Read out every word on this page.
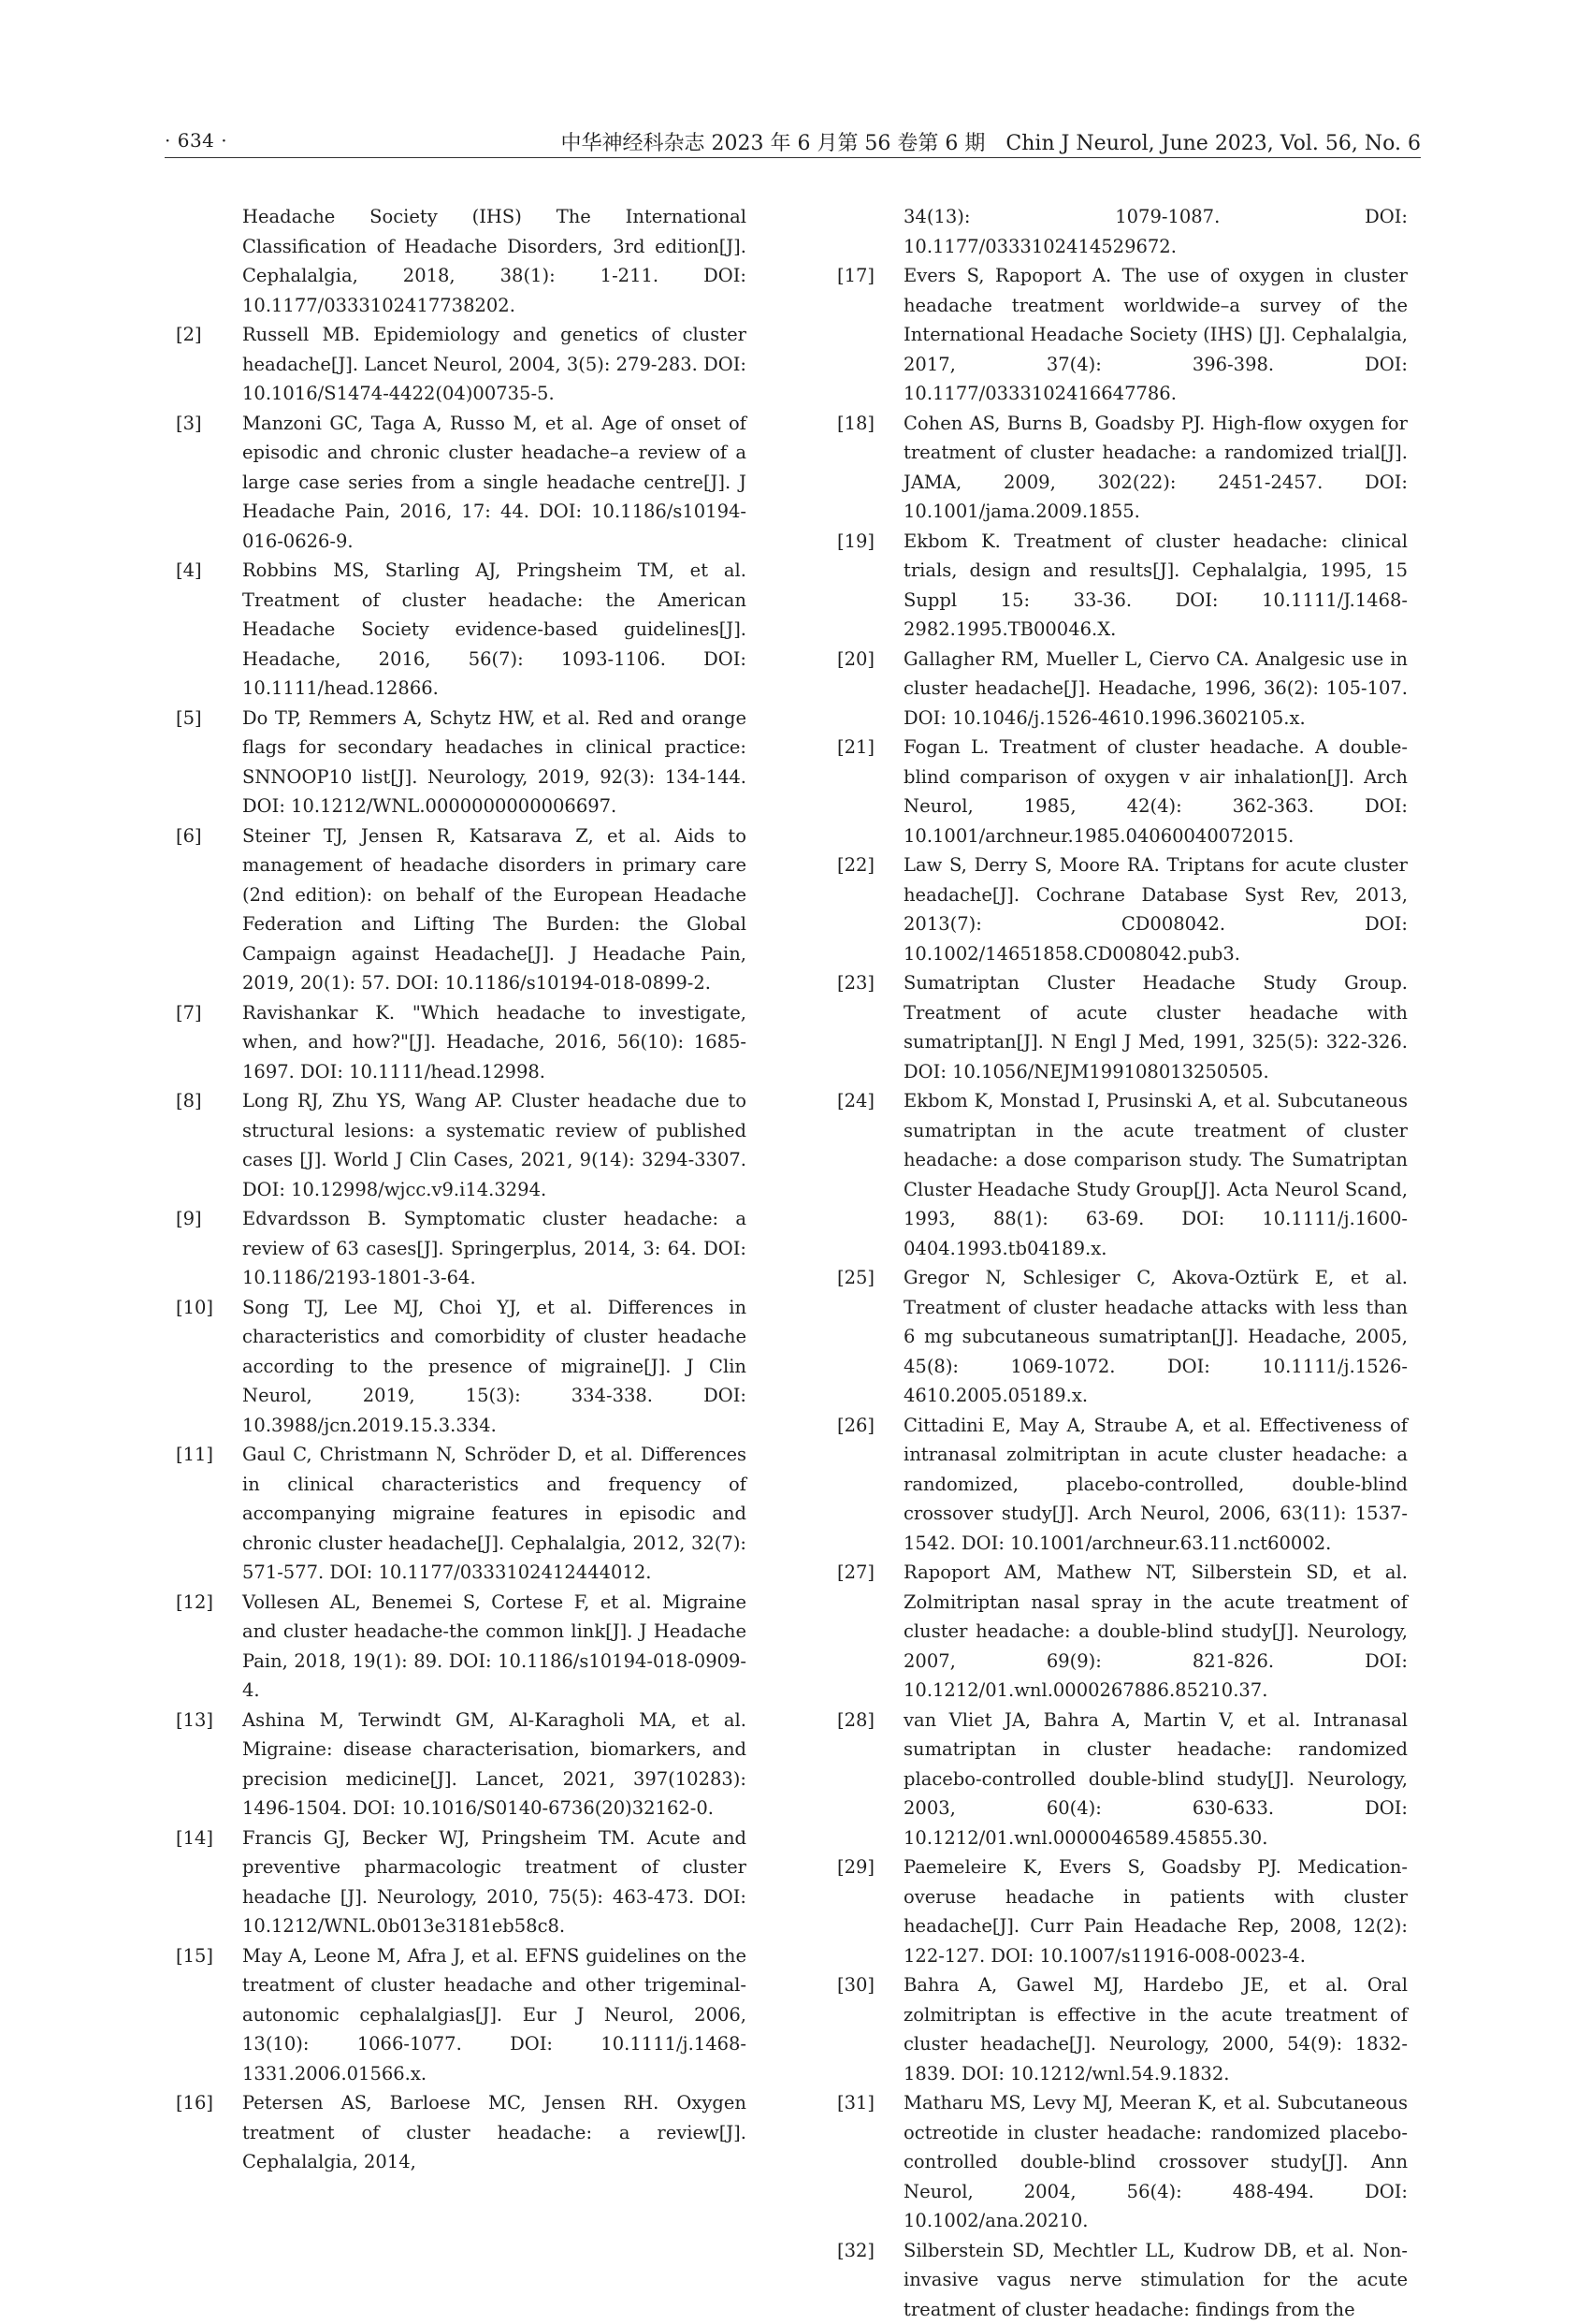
· 634 ·	中华神经科杂志 2023 年 6 月第 56 卷第 6 期　Chin J Neurol, June 2023, Vol. 56, No. 6
Headache Society (IHS) The International Classification of Headache Disorders, 3rd edition[J]. Cephalalgia, 2018, 38(1): 1-211. DOI: 10.1177/0333102417738202.
[2] Russell MB. Epidemiology and genetics of cluster headache[J]. Lancet Neurol, 2004, 3(5): 279-283. DOI: 10.1016/S1474-4422(04)00735-5.
[3] Manzoni GC, Taga A, Russo M, et al. Age of onset of episodic and chronic cluster headache–a review of a large case series from a single headache centre[J]. J Headache Pain, 2016, 17: 44. DOI: 10.1186/s10194-016-0626-9.
[4] Robbins MS, Starling AJ, Pringsheim TM, et al. Treatment of cluster headache: the American Headache Society evidence-based guidelines[J]. Headache, 2016, 56(7): 1093-1106. DOI: 10.1111/head.12866.
[5] Do TP, Remmers A, Schytz HW, et al. Red and orange flags for secondary headaches in clinical practice: SNNOOP10 list[J]. Neurology, 2019, 92(3): 134-144. DOI: 10.1212/WNL.0000000000006697.
[6] Steiner TJ, Jensen R, Katsarava Z, et al. Aids to management of headache disorders in primary care (2nd edition): on behalf of the European Headache Federation and Lifting The Burden: the Global Campaign against Headache[J]. J Headache Pain, 2019, 20(1): 57. DOI: 10.1186/s10194-018-0899-2.
[7] Ravishankar K. "Which headache to investigate, when, and how?"[J]. Headache, 2016, 56(10): 1685-1697. DOI: 10.1111/head.12998.
[8] Long RJ, Zhu YS, Wang AP. Cluster headache due to structural lesions: a systematic review of published cases [J]. World J Clin Cases, 2021, 9(14): 3294-3307. DOI: 10.12998/wjcc.v9.i14.3294.
[9] Edvardsson B. Symptomatic cluster headache: a review of 63 cases[J]. Springerplus, 2014, 3: 64. DOI: 10.1186/2193-1801-3-64.
[10] Song TJ, Lee MJ, Choi YJ, et al. Differences in characteristics and comorbidity of cluster headache according to the presence of migraine[J]. J Clin Neurol, 2019, 15(3): 334-338. DOI: 10.3988/jcn.2019.15.3.334.
[11] Gaul C, Christmann N, Schröder D, et al. Differences in clinical characteristics and frequency of accompanying migraine features in episodic and chronic cluster headache[J]. Cephalalgia, 2012, 32(7): 571-577. DOI: 10.1177/0333102412444012.
[12] Vollesen AL, Benemei S, Cortese F, et al. Migraine and cluster headache-the common link[J]. J Headache Pain, 2018, 19(1): 89. DOI: 10.1186/s10194-018-0909-4.
[13] Ashina M, Terwindt GM, Al-Karagholi MA, et al. Migraine: disease characterisation, biomarkers, and precision medicine[J]. Lancet, 2021, 397(10283): 1496-1504. DOI: 10.1016/S0140-6736(20)32162-0.
[14] Francis GJ, Becker WJ, Pringsheim TM. Acute and preventive pharmacologic treatment of cluster headache [J]. Neurology, 2010, 75(5): 463-473. DOI: 10.1212/WNL.0b013e3181eb58c8.
[15] May A, Leone M, Afra J, et al. EFNS guidelines on the treatment of cluster headache and other trigeminal-autonomic cephalalgias[J]. Eur J Neurol, 2006, 13(10): 1066-1077. DOI: 10.1111/j.1468-1331.2006.01566.x.
[16] Petersen AS, Barloese MC, Jensen RH. Oxygen treatment of cluster headache: a review[J]. Cephalalgia, 2014,
34(13): 1079-1087. DOI: 10.1177/0333102414529672.
[17] Evers S, Rapoport A. The use of oxygen in cluster headache treatment worldwide–a survey of the International Headache Society (IHS) [J]. Cephalalgia, 2017, 37(4): 396-398. DOI: 10.1177/0333102416647786.
[18] Cohen AS, Burns B, Goadsby PJ. High-flow oxygen for treatment of cluster headache: a randomized trial[J]. JAMA, 2009, 302(22): 2451-2457. DOI: 10.1001/jama.2009.1855.
[19] Ekbom K. Treatment of cluster headache: clinical trials, design and results[J]. Cephalalgia, 1995, 15 Suppl 15: 33-36. DOI: 10.1111/J.1468-2982.1995.TB00046.X.
[20] Gallagher RM, Mueller L, Ciervo CA. Analgesic use in cluster headache[J]. Headache, 1996, 36(2): 105-107. DOI: 10.1046/j.1526-4610.1996.3602105.x.
[21] Fogan L. Treatment of cluster headache. A double-blind comparison of oxygen v air inhalation[J]. Arch Neurol, 1985, 42(4): 362-363. DOI: 10.1001/archneur.1985.04060040072015.
[22] Law S, Derry S, Moore RA. Triptans for acute cluster headache[J]. Cochrane Database Syst Rev, 2013, 2013(7): CD008042. DOI: 10.1002/14651858.CD008042.pub3.
[23] Sumatriptan Cluster Headache Study Group. Treatment of acute cluster headache with sumatriptan[J]. N Engl J Med, 1991, 325(5): 322-326. DOI: 10.1056/NEJM199108013250505.
[24] Ekbom K, Monstad I, Prusinski A, et al. Subcutaneous sumatriptan in the acute treatment of cluster headache: a dose comparison study. The Sumatriptan Cluster Headache Study Group[J]. Acta Neurol Scand, 1993, 88(1): 63-69. DOI: 10.1111/j.1600-0404.1993.tb04189.x.
[25] Gregor N, Schlesiger C, Akova-Oztürk E, et al. Treatment of cluster headache attacks with less than 6 mg subcutaneous sumatriptan[J]. Headache, 2005, 45(8): 1069-1072. DOI: 10.1111/j.1526-4610.2005.05189.x.
[26] Cittadini E, May A, Straube A, et al. Effectiveness of intranasal zolmitriptan in acute cluster headache: a randomized, placebo-controlled, double-blind crossover study[J]. Arch Neurol, 2006, 63(11): 1537-1542. DOI: 10.1001/archneur.63.11.nct60002.
[27] Rapoport AM, Mathew NT, Silberstein SD, et al. Zolmitriptan nasal spray in the acute treatment of cluster headache: a double-blind study[J]. Neurology, 2007, 69(9): 821-826. DOI: 10.1212/01.wnl.0000267886.85210.37.
[28] van Vliet JA, Bahra A, Martin V, et al. Intranasal sumatriptan in cluster headache: randomized placebo-controlled double-blind study[J]. Neurology, 2003, 60(4): 630-633. DOI: 10.1212/01.wnl.0000046589.45855.30.
[29] Paemeleire K, Evers S, Goadsby PJ. Medication-overuse headache in patients with cluster headache[J]. Curr Pain Headache Rep, 2008, 12(2): 122-127. DOI: 10.1007/s11916-008-0023-4.
[30] Bahra A, Gawel MJ, Hardebo JE, et al. Oral zolmitriptan is effective in the acute treatment of cluster headache[J]. Neurology, 2000, 54(9): 1832-1839. DOI: 10.1212/wnl.54.9.1832.
[31] Matharu MS, Levy MJ, Meeran K, et al. Subcutaneous octreotide in cluster headache: randomized placebo-controlled double-blind crossover study[J]. Ann Neurol, 2004, 56(4): 488-494. DOI: 10.1002/ana.20210.
[32] Silberstein SD, Mechtler LL, Kudrow DB, et al. Non-invasive vagus nerve stimulation for the acute treatment of cluster headache: findings from the
